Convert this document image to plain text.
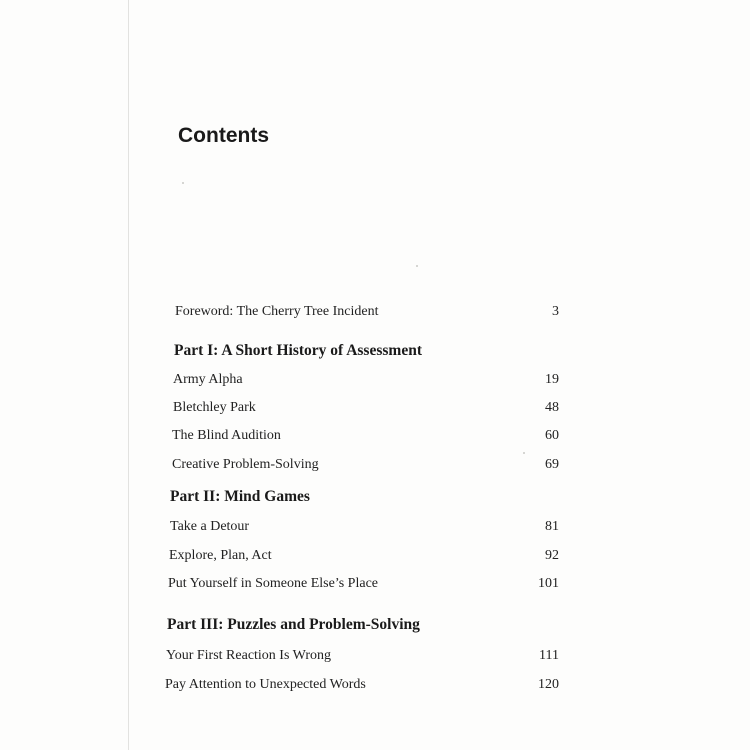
Contents
Foreword: The Cherry Tree Incident	3
Part I: A Short History of Assessment
Army Alpha	19
Bletchley Park	48
The Blind Audition	60
Creative Problem-Solving	69
Part II: Mind Games
Take a Detour	81
Explore, Plan, Act	92
Put Yourself in Someone Else’s Place	101
Part III: Puzzles and Problem-Solving
Your First Reaction Is Wrong	111
Pay Attention to Unexpected Words	120
